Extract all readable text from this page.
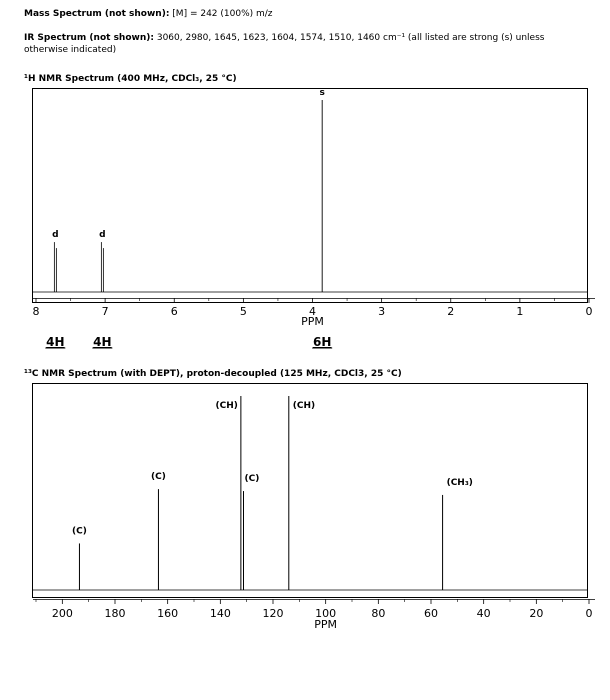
Mass Spectrum (not shown): [M] = 242 (100%) m/z
IR Spectrum (not shown): 3060, 2980, 1645, 1623, 1604, 1574, 1510, 1460 cm⁻¹ (all listed are strong (s) unless otherwise indicated)
¹H NMR Spectrum (400 MHz, CDCl₃, 25 °C)
¹³C NMR Spectrum (with DEPT), proton-decoupled (125 MHz, CDCl3, 25 °C)
8	7	6	5	4	3	2	1	0
PPM
d	d
s
4H 4H	6H
200	180	160	140	120	100	80	60	40	20	0
PPM
(C)
(C)
(CH)
(C)
(CH)
(CH₃)
